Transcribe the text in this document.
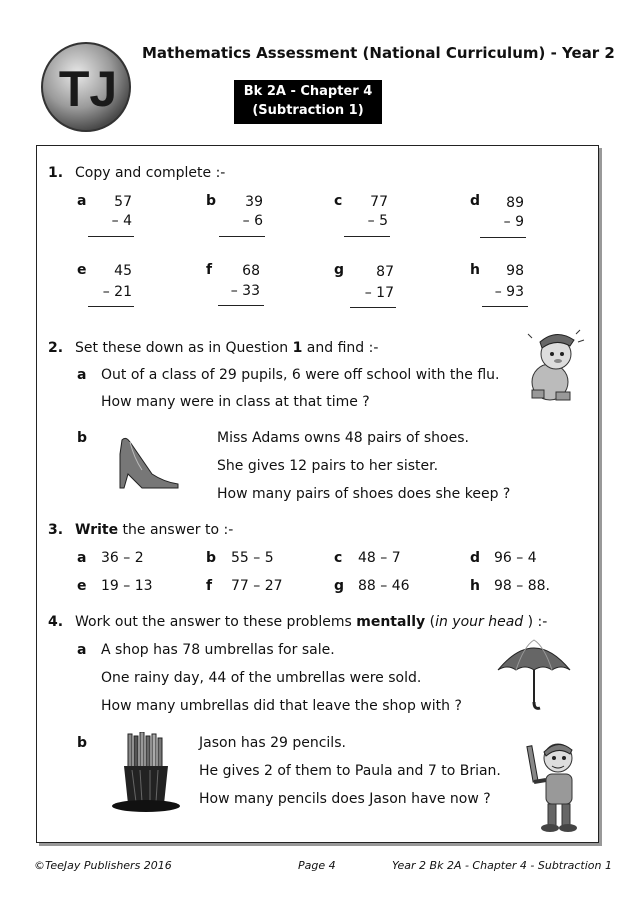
TJ
Mathematics Assessment (National Curriculum) - Year 2
Bk 2A - Chapter 4
(Subtraction 1)
1. Copy and complete :-
a	57
– 4
b	39
– 6
c	77
– 5
d	89
– 9
e	45
– 21
f	68
– 33
g	87
– 17
h	98
– 93
2. Set these down as in Question 1 and find :-
a Out of a class of 29 pupils, 6 were off school with the flu.
How many were in class at that time ?
b	Miss Adams owns 48 pairs of shoes.
She gives 12 pairs to her sister.
How many pairs of shoes does she keep ?
3. Write the answer to :-
a 36 – 2	b 55 – 5	c 48 – 7	d 96 – 4
e 19 – 13	f 77 – 27	g 88 – 46	h 98 – 88.
4. Work out the answer to these problems mentally (in your head ) :-
a A shop has 78 umbrellas for sale.
One rainy day, 44 of the umbrellas were sold.
How many umbrellas did that leave the shop with ?
b	Jason has 29 pencils.
He gives 2 of them to Paula and 7 to Brian.
How many pencils does Jason have now ?
©TeeJay Publishers 2016	Page 4	Year 2 Bk 2A - Chapter 4 - Subtraction 1
